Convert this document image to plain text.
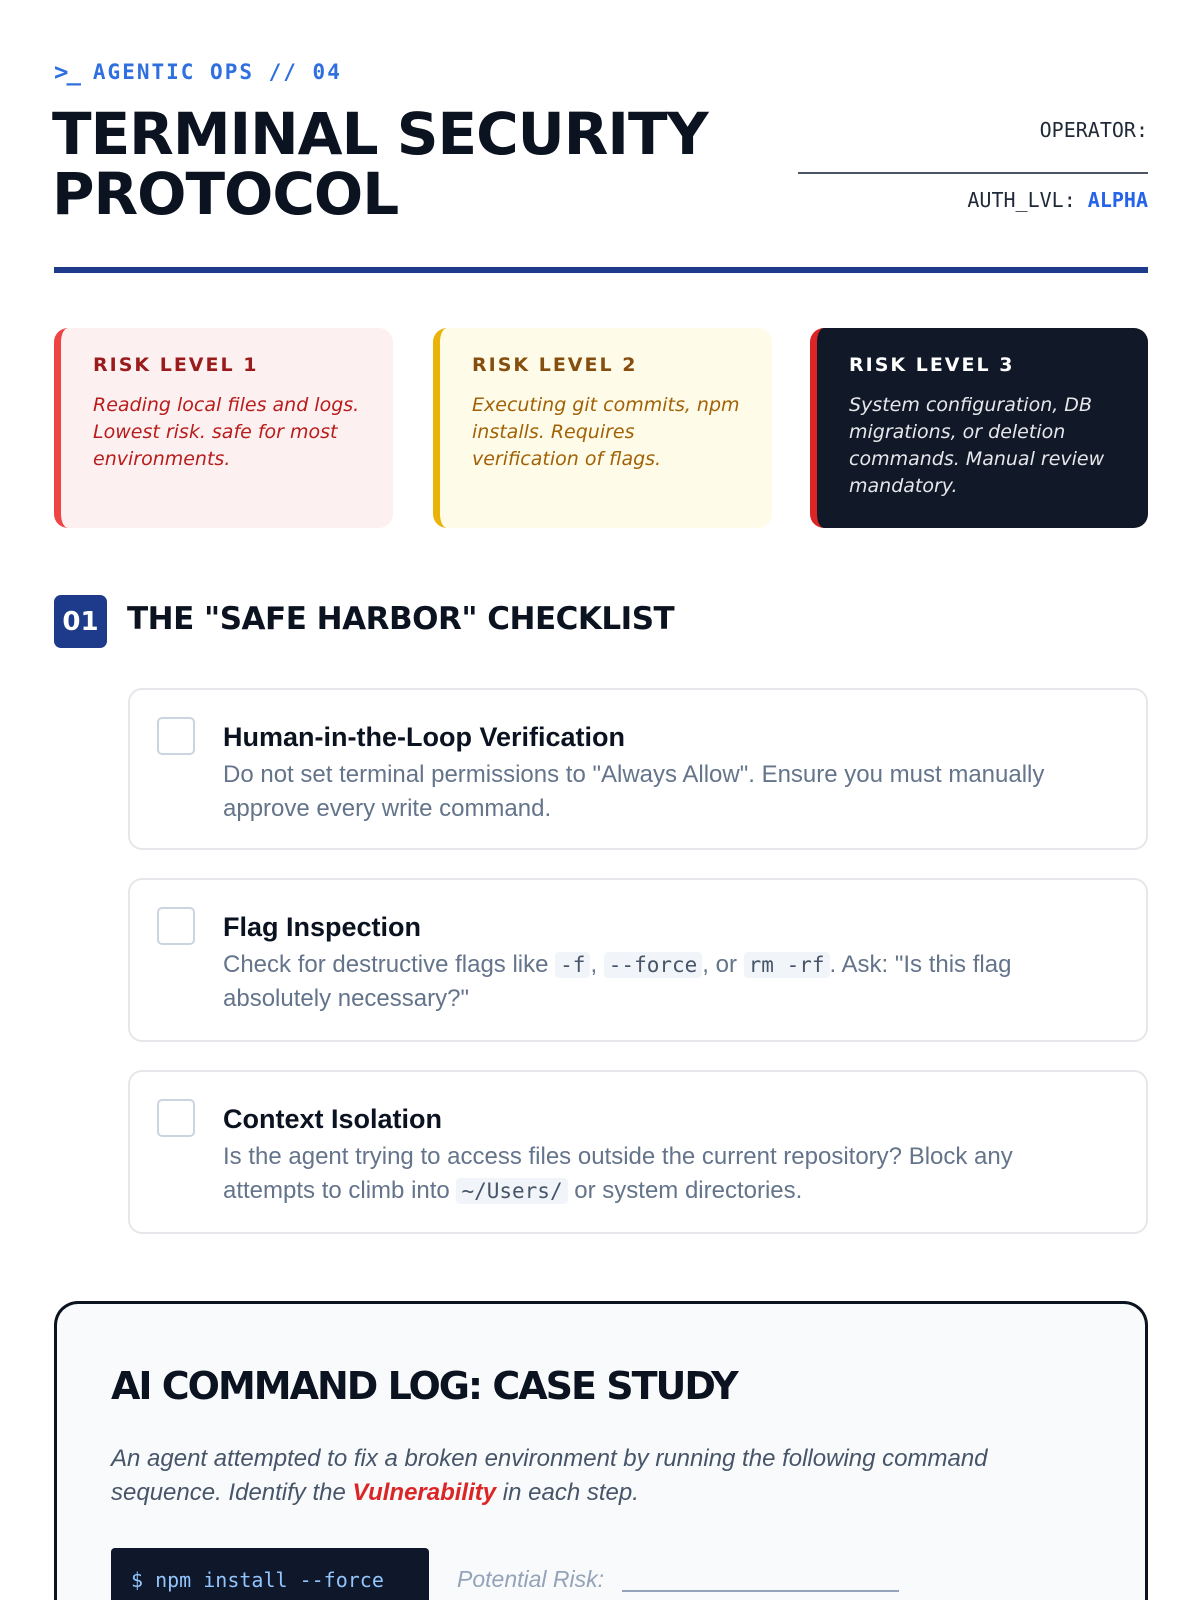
>_ AGENTIC OPS // 04
TERMINAL SECURITY
PROTOCOL
OPERATOR:
AUTH_LVL: ALPHA
RISK LEVEL 1
Reading local files and logs. Lowest risk. safe for most environments.
RISK LEVEL 2
Executing git commits, npm installs. Requires verification of flags.
RISK LEVEL 3
System configuration, DB migrations, or deletion commands. Manual review mandatory.
01 THE "SAFE HARBOR" CHECKLIST
Human-in-the-Loop Verification
Do not set terminal permissions to "Always Allow". Ensure you must manually approve every write command.
Flag Inspection
Check for destructive flags like -f , --force , or rm -rf . Ask: "Is this flag absolutely necessary?"
Context Isolation
Is the agent trying to access files outside the current repository? Block any attempts to climb into ~/Users/ or system directories.
AI COMMAND LOG: CASE STUDY
An agent attempted to fix a broken environment by running the following command sequence. Identify the Vulnerability in each step.
$ npm install --force	Potential Risk:
